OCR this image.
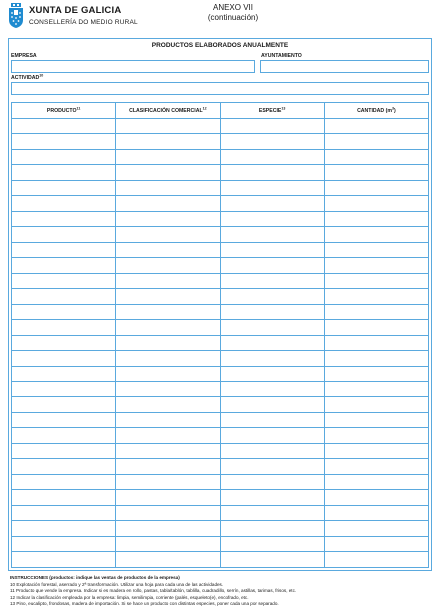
XUNTA DE GALICIA
CONSELLERÍA DO MEDIO RURAL
ANEXO VII
(continuación)
PRODUCTOS ELABORADOS ANUALMENTE
EMPRESA	AYUNTAMIENTO
ACTIVIDAD$^{10}$
PRODUCTO$^{11}$	CLASIFICACIÓN COMERCIAL$^{12}$	ESPECIE$^{13}$	CANTIDAD $(m^3)$

INSTRUCCIONES (productos: indique las ventas de productos de la empresa)
10 Explotación forestal, aserrado y 2ª transformación. Utilizar una hoja para cada una de las actividades.
11 Producto que vende la empresa. Indicar si es madera en rollo, pastas, tabla/tablón, tablilla, cuadradillo, serrín, astillas, tarimas, frisos, etc.
12 Indicar la clasificación empleada por la empresa: limpia, semilimpia, corriente (palés, esqueleto(e), encofrado, etc.
13 Pino, eucalipto, frondosas, madera de importación. Si se hace un producto con distintas especies, poner cada una por separado.
